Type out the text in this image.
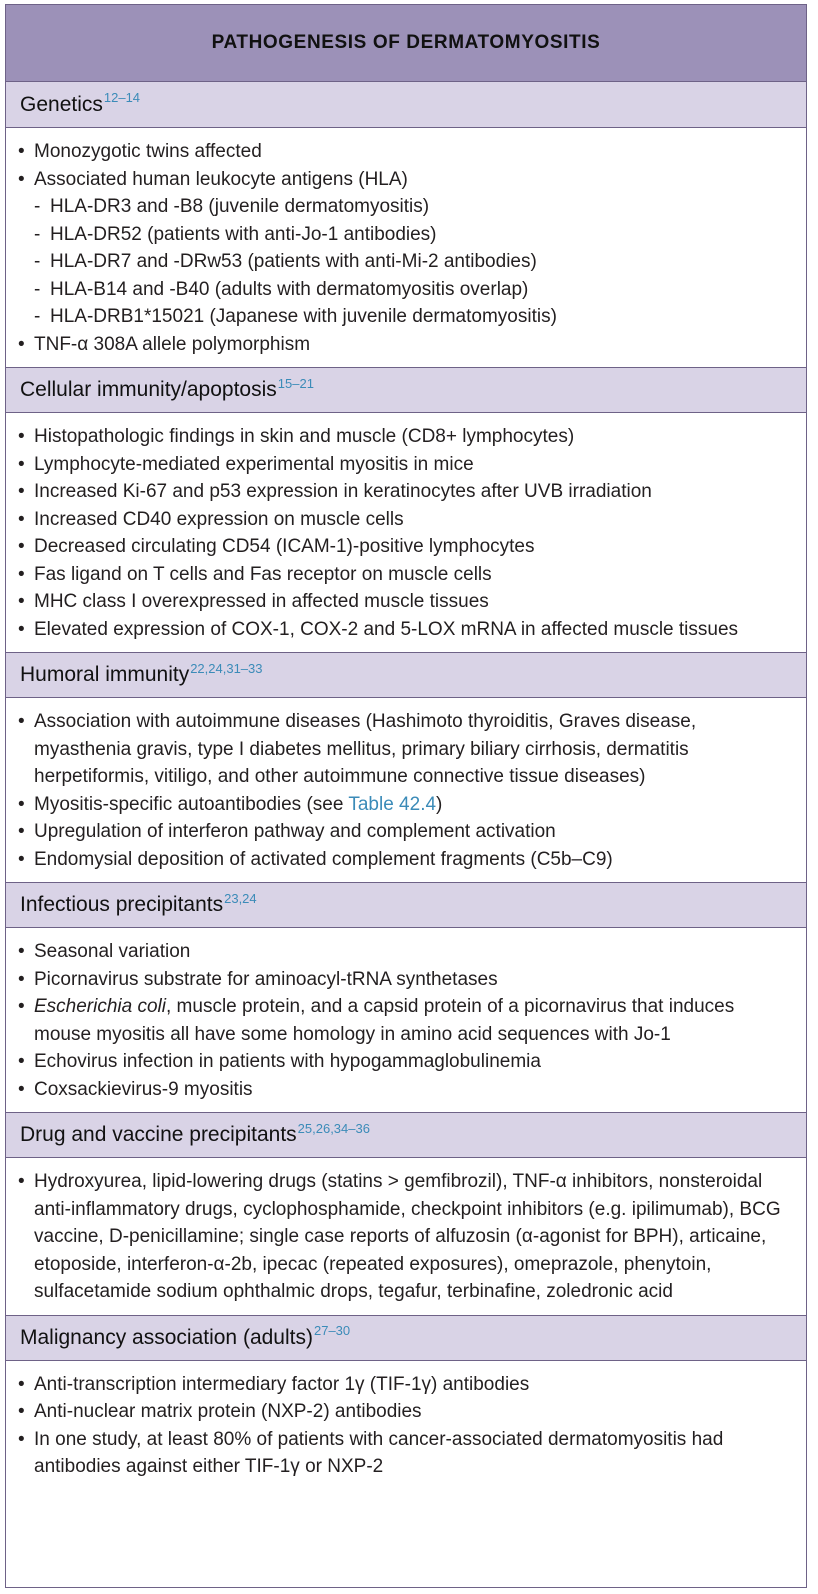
PATHOGENESIS OF DERMATOMYOSITIS
Genetics$^{12-14}$
• Monozygotic twins affected
• Associated human leukocyte antigens (HLA)
- HLA-DR3 and -B8 (juvenile dermatomyositis)
- HLA-DR52 (patients with anti-Jo-1 antibodies)
- HLA-DR7 and -DRw53 (patients with anti-Mi-2 antibodies)
- HLA-B14 and -B40 (adults with dermatomyositis overlap)
- HLA-DRB1*15021 (Japanese with juvenile dermatomyositis)
• TNF-α 308A allele polymorphism
Cellular immunity/apoptosis$^{15-21}$
• Histopathologic findings in skin and muscle (CD8+ lymphocytes)
• Lymphocyte-mediated experimental myositis in mice
• Increased Ki-67 and p53 expression in keratinocytes after UVB irradiation
• Increased CD40 expression on muscle cells
• Decreased circulating CD54 (ICAM-1)-positive lymphocytes
• Fas ligand on T cells and Fas receptor on muscle cells
• MHC class I overexpressed in affected muscle tissues
• Elevated expression of COX-1, COX-2 and 5-LOX mRNA in affected muscle tissues
Humoral immunity$^{22,24,31-33}$
• Association with autoimmune diseases (Hashimoto thyroiditis, Graves disease, myasthenia gravis, type I diabetes mellitus, primary biliary cirrhosis, dermatitis herpetiformis, vitiligo, and other autoimmune connective tissue diseases)
• Myositis-specific autoantibodies (see Table 42.4)
• Upregulation of interferon pathway and complement activation
• Endomysial deposition of activated complement fragments (C5b–C9)
Infectious precipitants$^{23,24}$
• Seasonal variation
• Picornavirus substrate for aminoacyl-tRNA synthetases
• Escherichia coli, muscle protein, and a capsid protein of a picornavirus that induces mouse myositis all have some homology in amino acid sequences with Jo-1
• Echovirus infection in patients with hypogammaglobulinemia
• Coxsackievirus-9 myositis
Drug and vaccine precipitants$^{25,26,34-36}$
• Hydroxyurea, lipid-lowering drugs (statins > gemfibrozil), TNF-α inhibitors, nonsteroidal anti-inflammatory drugs, cyclophosphamide, checkpoint inhibitors (e.g. ipilimumab), BCG vaccine, D-penicillamine; single case reports of alfuzosin (α-agonist for BPH), articaine, etoposide, interferon-α-2b, ipecac (repeated exposures), omeprazole, phenytoin, sulfacetamide sodium ophthalmic drops, tegafur, terbinafine, zoledronic acid
Malignancy association (adults)$^{27-30}$
• Anti-transcription intermediary factor 1γ (TIF-1γ) antibodies
• Anti-nuclear matrix protein (NXP-2) antibodies
• In one study, at least 80% of patients with cancer-associated dermatomyositis had antibodies against either TIF-1γ or NXP-2
